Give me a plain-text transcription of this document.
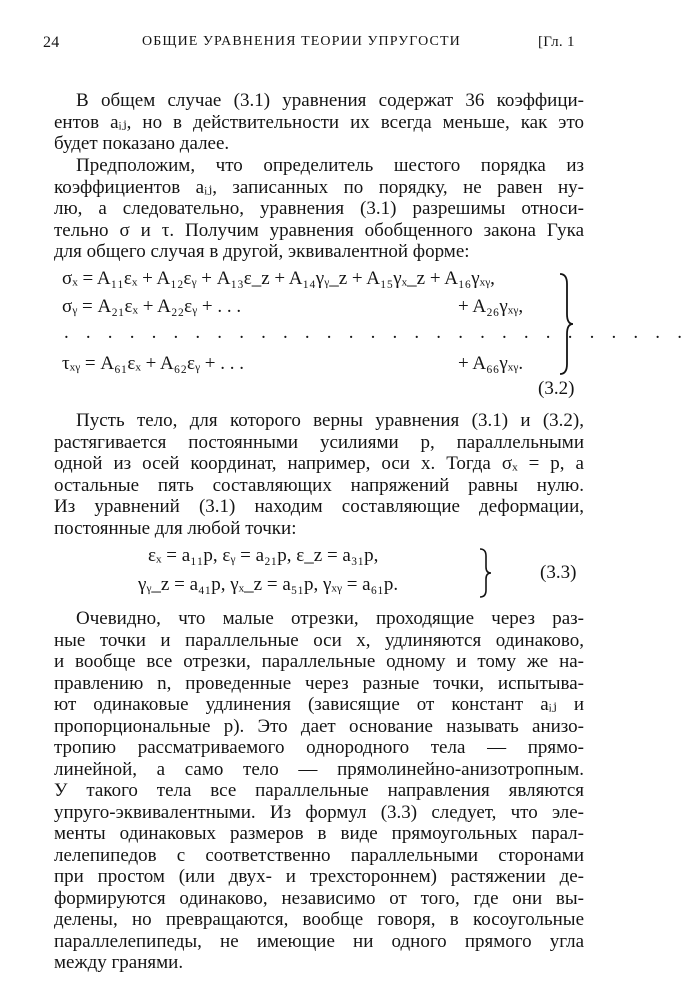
24	ОБЩИЕ УРАВНЕНИЯ ТЕОРИИ УПРУГОСТИ	[Гл. 1
В общем случае (3.1) уравнения содержат 36 коэффици-
ентов aᵢⱼ, но в действительности их всегда меньше, как это
будет показано далее.
Предположим, что определитель шестого порядка из
коэффициентов aᵢⱼ, записанных по порядку, не равен ну-
лю, а следовательно, уравнения (3.1) разрешимы относи-
тельно σ и τ. Получим уравнения обобщенного закона Гука
для общего случая в другой, эквивалентной форме:
σₓ = A₁₁εₓ + A₁₂εᵧ + A₁₃ε_z + A₁₄γᵧ_z + A₁₅γₓ_z + A₁₆γₓᵧ,
σᵧ = A₂₁εₓ + A₂₂εᵧ + . . .	+ A₂₆γₓᵧ,
. . . . . . . . . . . . . . . . . . . . . . . . . . . . .
τₓᵧ = A₆₁εₓ + A₆₂εᵧ + . . .	+ A₆₆γₓᵧ.
(3.2)
Пусть тело, для которого верны уравнения (3.1) и (3.2),
растягивается постоянными усилиями p, параллельными
одной из осей координат, например, оси x. Тогда σₓ = p, а
остальные пять составляющих напряжений равны нулю.
Из уравнений (3.1) находим составляющие деформации,
постоянные для любой точки:
εₓ = a₁₁p, εᵧ = a₂₁p, ε_z = a₃₁p,
γᵧ_z = a₄₁p, γₓ_z = a₅₁p, γₓᵧ = a₆₁p.
(3.3)
Очевидно, что малые отрезки, проходящие через раз-
ные точки и параллельные оси x, удлиняются одинаково,
и вообще все отрезки, параллельные одному и тому же на-
правлению n, проведенные через разные точки, испытыва-
ют одинаковые удлинения (зависящие от констант aᵢⱼ и
пропорциональные p). Это дает основание называть анизо-
тропию рассматриваемого однородного тела — прямо-
линейной, а само тело — прямолинейно-анизотропным.
У такого тела все параллельные направления являются
упруго-эквивалентными. Из формул (3.3) следует, что эле-
менты одинаковых размеров в виде прямоугольных парал-
лелепипедов с соответственно параллельными сторонами
при простом (или двух- и трехстороннем) растяжении де-
формируются одинаково, независимо от того, где они вы-
делены, но превращаются, вообще говоря, в косоугольные
параллелепипеды, не имеющие ни одного прямого угла
между гранями.
